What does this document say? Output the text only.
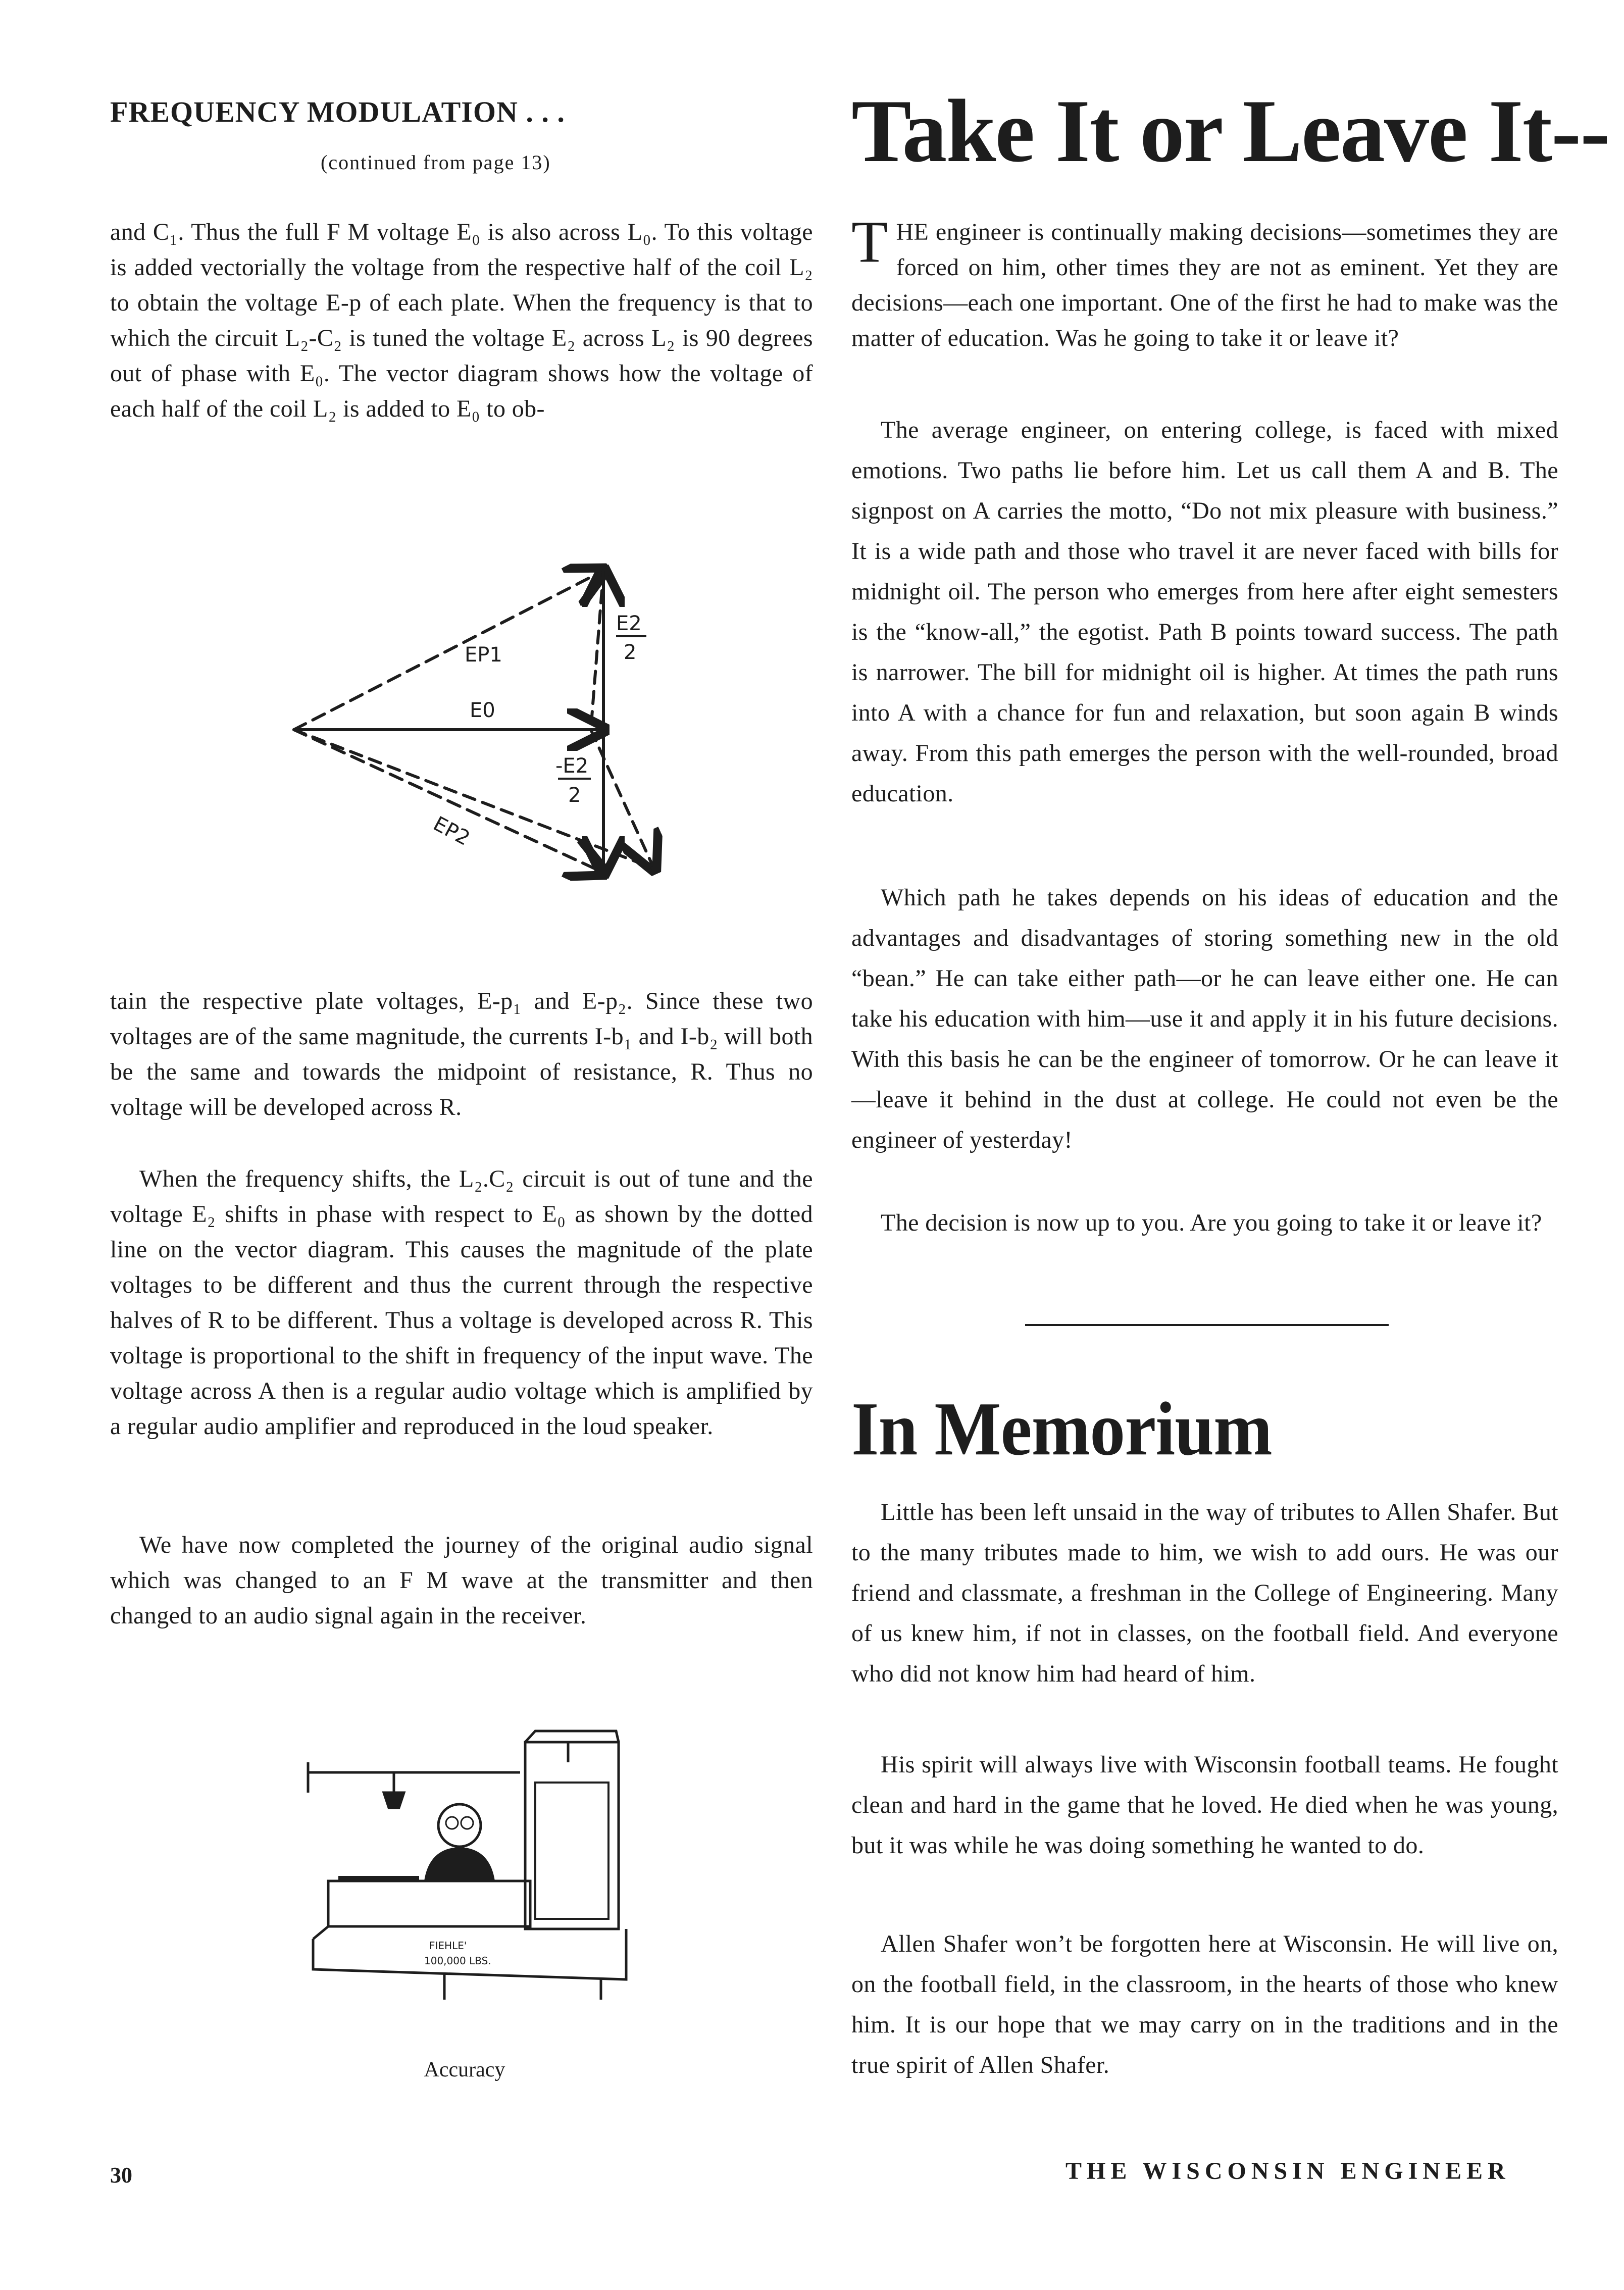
FREQUENCY MODULATION . . .

(continued from page 13)

and C₁. Thus the full F M voltage E₀ is also across L₀. To this voltage is added vectorially the voltage from the respective half of the coil L₂ to obtain the voltage E-p of each plate. When the frequency is that to which the circuit L₂-C₂ is tuned the voltage E₂ across L₂ is 90 degrees out of phase with E₀. The vector diagram shows how the voltage of each half of the coil L₂ is added to E₀ to ob-

EP1
E0
E2
2
-E2
2
EP2

tain the respective plate voltages, E-p₁ and E-p₂. Since these two voltages are of the same magnitude, the currents I-b₁ and I-b₂ will both be the same and towards the midpoint of resistance, R. Thus no voltage will be developed across R.

When the frequency shifts, the L₂.C₂ circuit is out of tune and the voltage E₂ shifts in phase with respect to E₀ as shown by the dotted line on the vector diagram. This causes the magnitude of the plate voltages to be different and thus the current through the respective halves of R to be different. Thus a voltage is developed across R. This voltage is proportional to the shift in frequency of the input wave. The voltage across A then is a regular audio voltage which is amplified by a regular audio amplifier and reproduced in the loud speaker.

We have now completed the journey of the original audio signal which was changed to an F M wave at the transmitter and then changed to an audio signal again in the receiver.

FIEHLE'
100,000 LBS.

Accuracy

Take It or Leave It--

THE engineer is continually making decisions—sometimes they are forced on him, other times they are not as eminent. Yet they are decisions—each one important. One of the first he had to make was the matter of education. Was he going to take it or leave it?

The average engineer, on entering college, is faced with mixed emotions. Two paths lie before him. Let us call them A and B. The signpost on A carries the motto, “Do not mix pleasure with business.” It is a wide path and those who travel it are never faced with bills for midnight oil. The person who emerges from here after eight semesters is the “know-all,” the egotist. Path B points toward success. The path is narrower. The bill for midnight oil is higher. At times the path runs into A with a chance for fun and relaxation, but soon again B winds away. From this path emerges the person with the well-rounded, broad education.

Which path he takes depends on his ideas of education and the advantages and disadvantages of storing something new in the old “bean.” He can take either path—or he can leave either one. He can take his education with him—use it and apply it in his future decisions. With this basis he can be the engineer of tomorrow. Or he can leave it—leave it behind in the dust at college. He could not even be the engineer of yesterday!

The decision is now up to you. Are you going to take it or leave it?

In Memorium

Little has been left unsaid in the way of tributes to Allen Shafer. But to the many tributes made to him, we wish to add ours. He was our friend and classmate, a freshman in the College of Engineering. Many of us knew him, if not in classes, on the football field. And everyone who did not know him had heard of him.

His spirit will always live with Wisconsin football teams. He fought clean and hard in the game that he loved. He died when he was young, but it was while he was doing something he wanted to do.

Allen Shafer won’t be forgotten here at Wisconsin. He will live on, on the football field, in the classroom, in the hearts of those who knew him. It is our hope that we may carry on in the traditions and in the true spirit of Allen Shafer.

30	THE WISCONSIN ENGINEER
